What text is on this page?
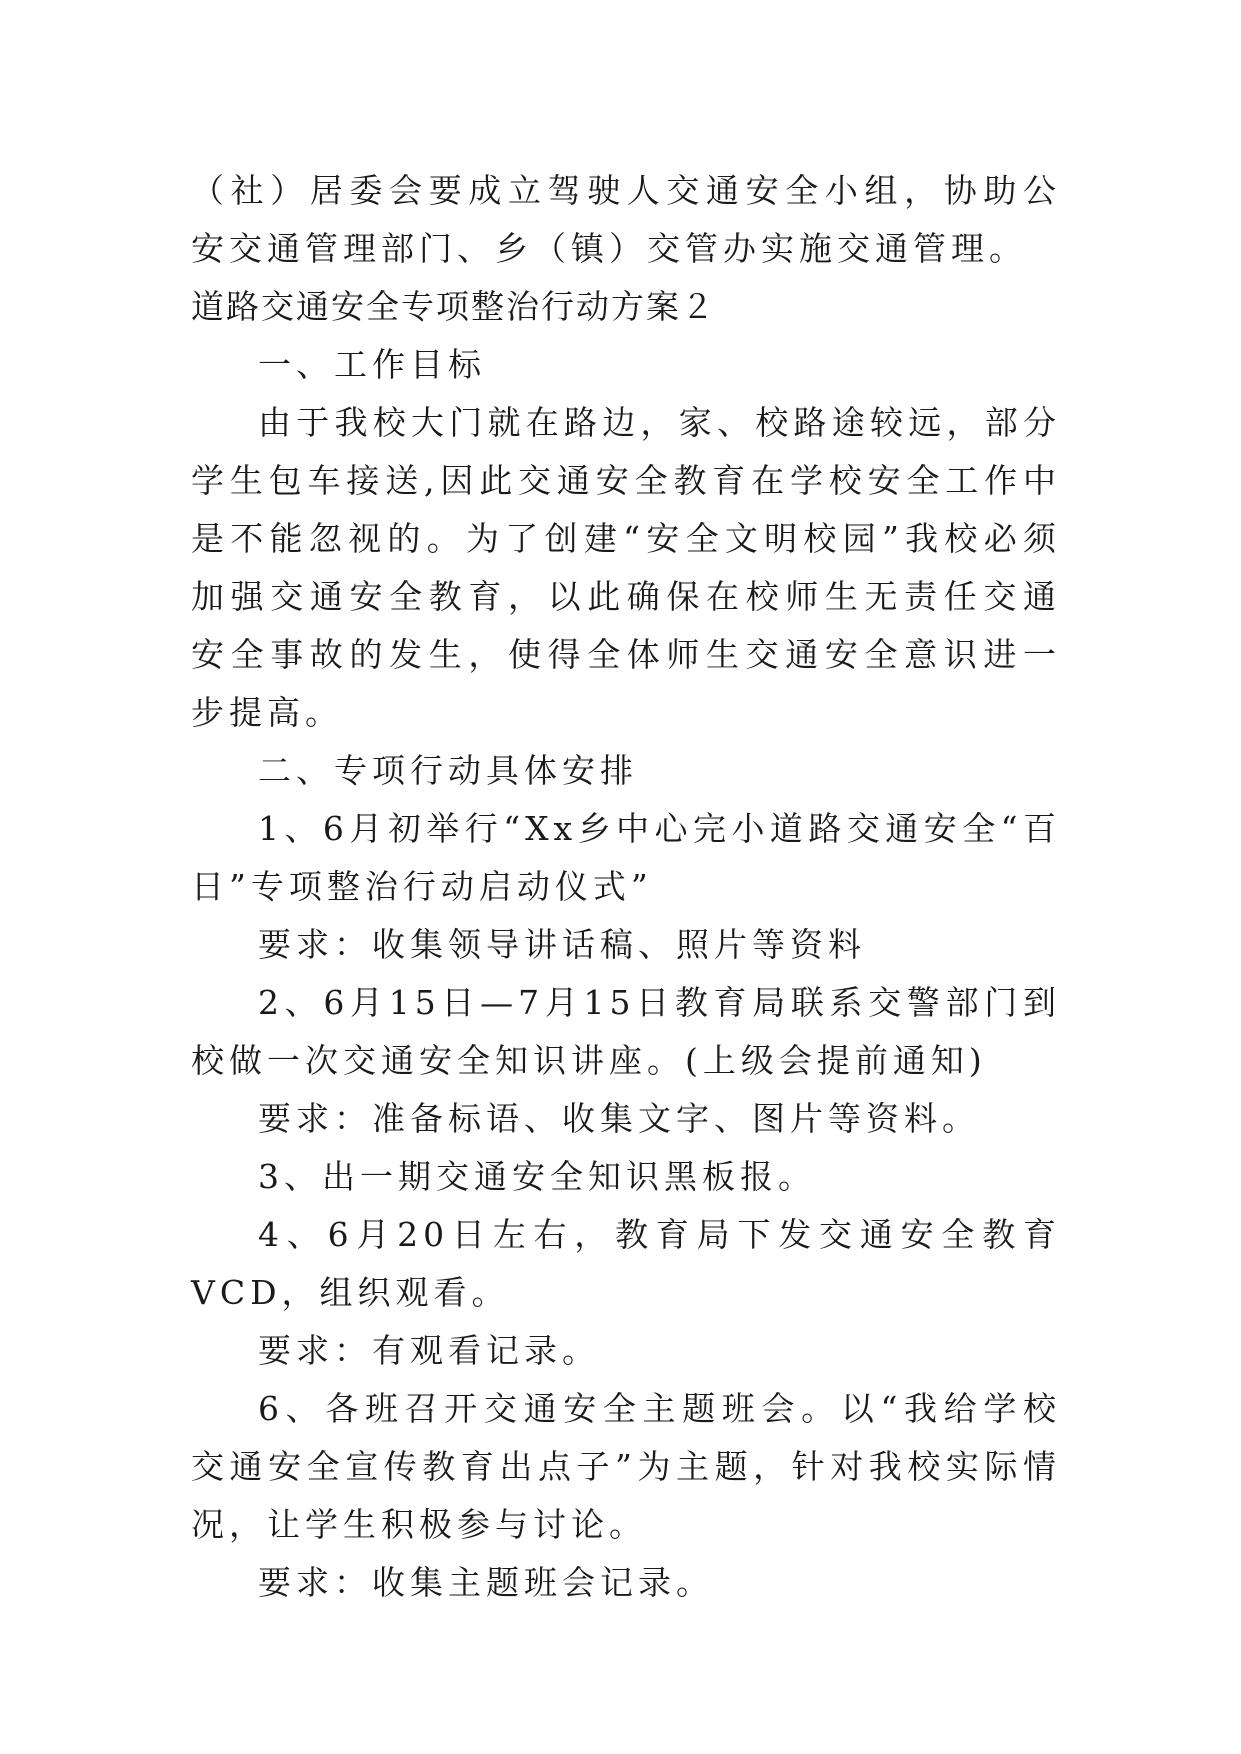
（社）居委会要成立驾驶人交通安全小组，协助公安交通管理部门、乡（镇）交管办实施交通管理。

道路交通安全专项整治行动方案２

一、工作目标

由于我校大门就在路边，家、校路途较远，部分学生包车接送,因此交通安全教育在学校安全工作中是不能忽视的。为了创建“安全文明校园”我校必须加强交通安全教育，以此确保在校师生无责任交通安全事故的发生，使得全体师生交通安全意识进一步提高。

二、专项行动具体安排

1、6月初举行“Xx乡中心完小道路交通安全“百日”专项整治行动启动仪式”

要求：收集领导讲话稿、照片等资料

2、6月15日—7月15日教育局联系交警部门到校做一次交通安全知识讲座。(上级会提前通知)

要求：准备标语、收集文字、图片等资料。

3、出一期交通安全知识黑板报。

4、6月20日左右，教育局下发交通安全教育VCD，组织观看。

要求：有观看记录。

6、各班召开交通安全主题班会。以“我给学校交通安全宣传教育出点子”为主题，针对我校实际情况，让学生积极参与讨论。

要求：收集主题班会记录。
